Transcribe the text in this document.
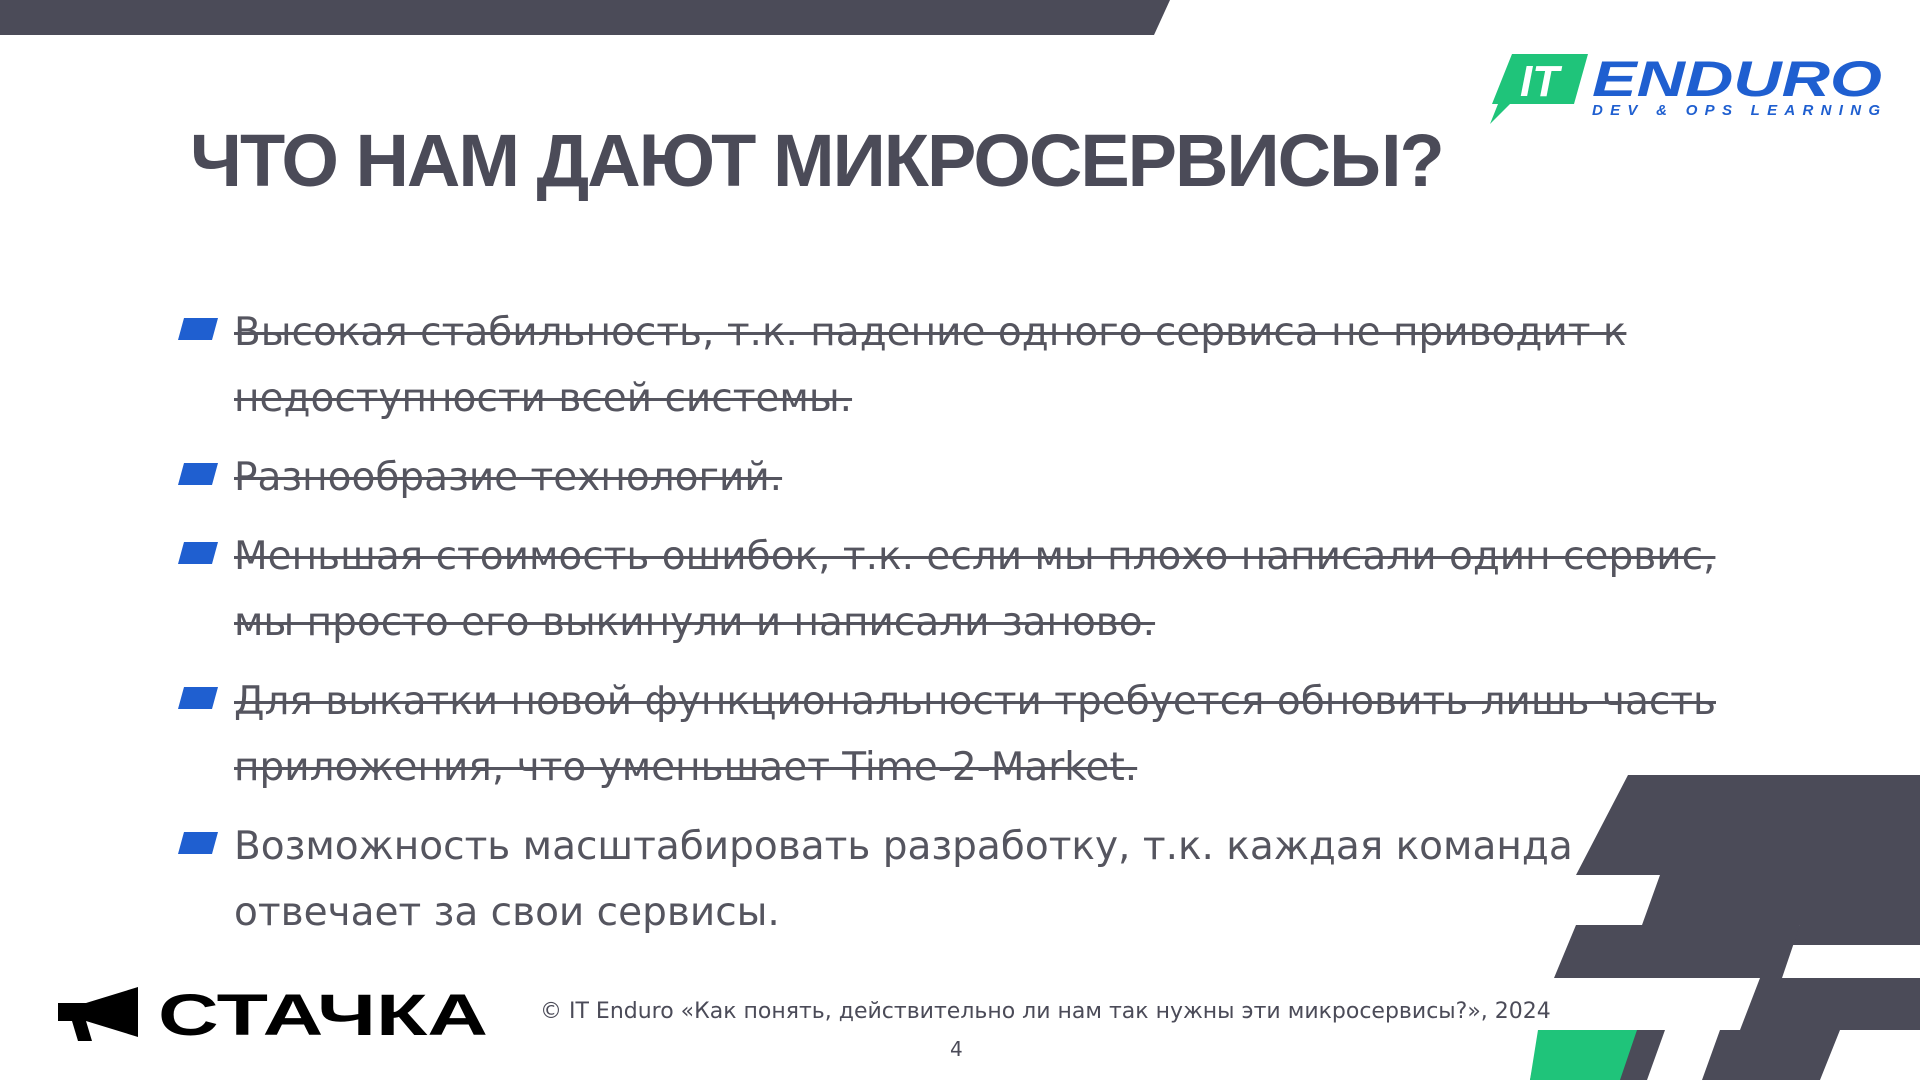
IT ENDURO
DEV & OPS LEARNING
ЧТО НАМ ДАЮТ МИКРОСЕРВИСЫ?
Высокая стабильность, т.к. падение одного сервиса не приводит к недоступности всей системы.
Разнообразие технологий.
Меньшая стоимость ошибок, т.к. если мы плохо написали один сервис, мы просто его выкинули и написали заново.
Для выкатки новой функциональности требуется обновить лишь часть приложения, что уменьшает Time-2-Market.
Возможность масштабировать разработку, т.к. каждая команда отвечает за свои сервисы.
СТАЧКА © IT Enduro «Как понять, действительно ли нам так нужны эти микросервисы?», 2024
4
